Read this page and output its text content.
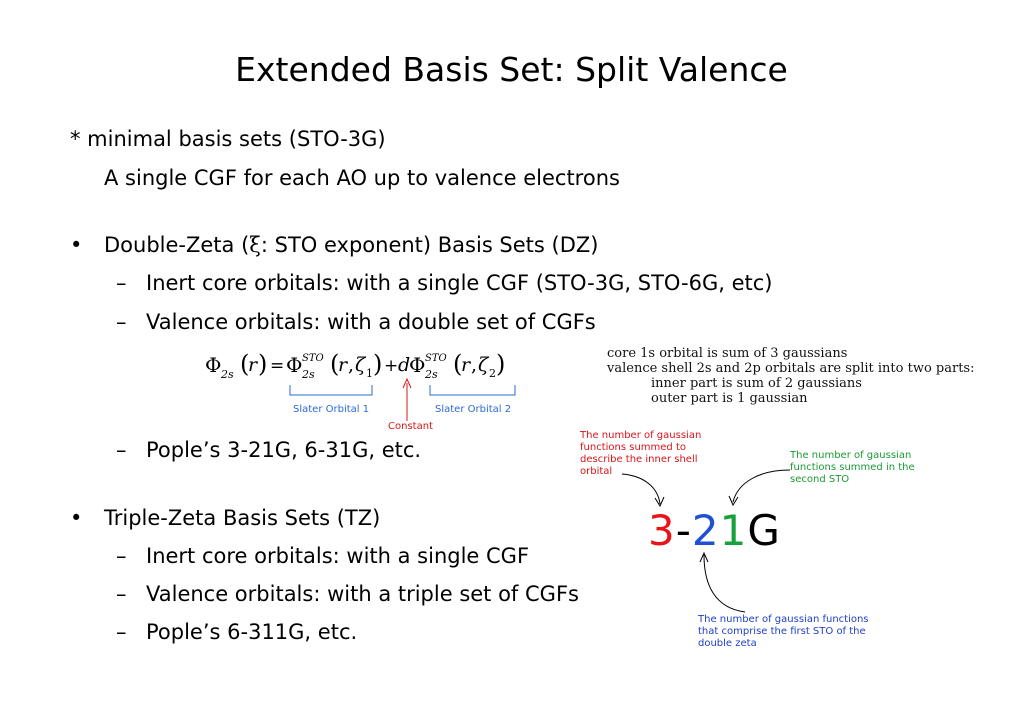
Extended Basis Set: Split Valence
* minimal basis sets (STO-3G)
A single CGF for each AO up to valence electrons
• Double-Zeta (ξ: STO exponent) Basis Sets (DZ)
– Inert core orbitals: with a single CGF (STO-3G, STO-6G, etc)
– Valence orbitals: with a double set of CGFs
Φ 2s (
r ) = Φ STO
2s (
r , ζ 1 ) + d
Φ STO
2s (
r , ζ 2 )
Slater Orbital 1	Slater Orbital 2
Constant
– Pople’s 3-21G, 6-31G, etc.
• Triple-Zeta Basis Sets (TZ)
– Inert core orbitals: with a single CGF
– Valence orbitals: with a triple set of CGFs
– Pople’s 6-311G, etc.
core 1s orbital is sum of 3 gaussians
valence shell 2s and 2p orbitals are split into two parts:
inner part is sum of 2 gaussians
outer part is 1 gaussian
The number of gaussian functions summed to describe the inner shell orbital
The number of gaussian functions summed in the second STO
The number of gaussian functions that comprise the first STO of the double zeta
3-21G
